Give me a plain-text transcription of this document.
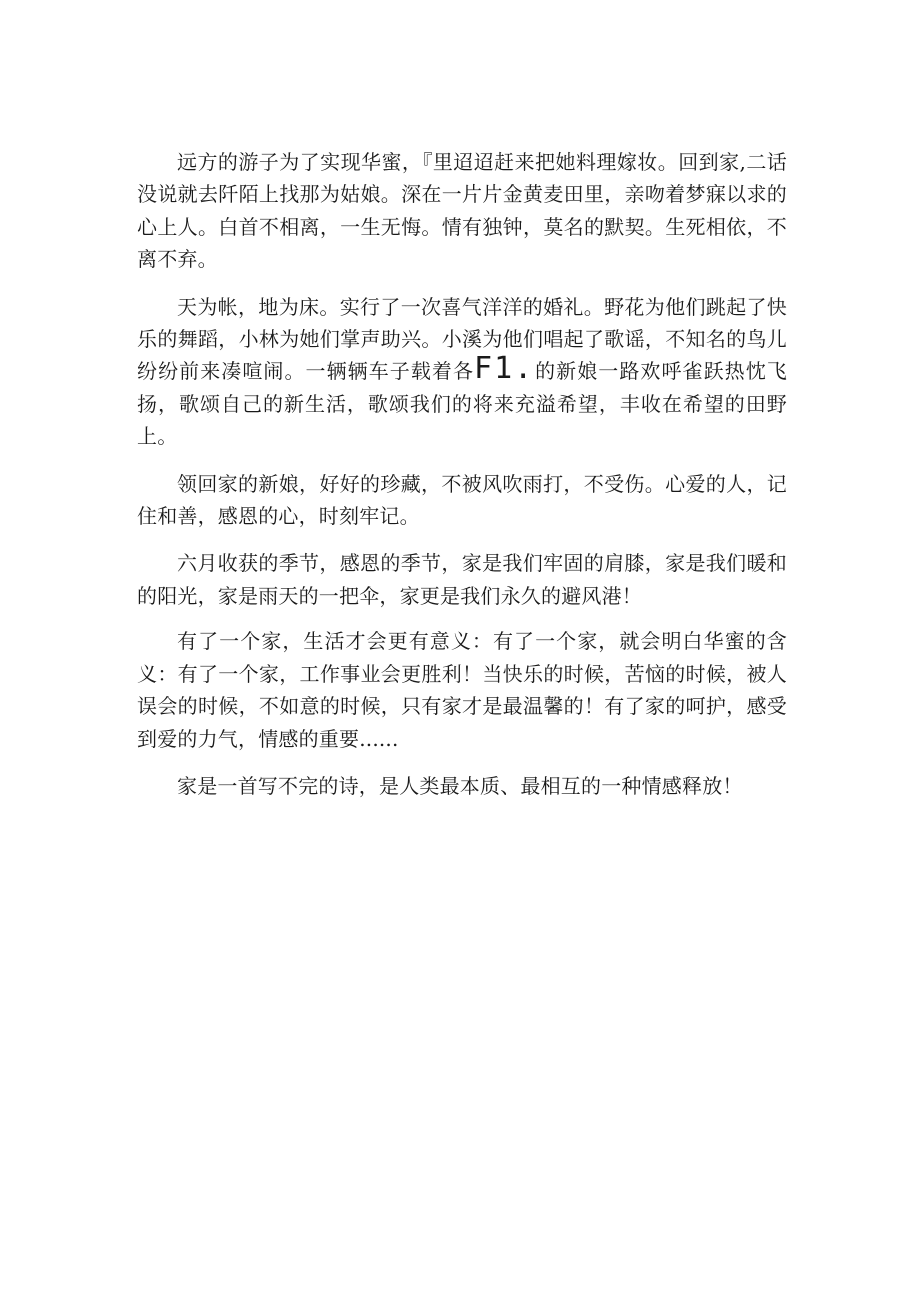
远方的游子为了实现华蜜，『里迢迢赶来把她料理嫁妆。回到家,二话没说就去阡陌上找那为姑娘。深在一片片金黄麦田里，亲吻着梦寐以求的心上人。白首不相离，一生无悔。情有独钟，莫名的默契。生死相依，不离不弃。

天为帐，地为床。实行了一次喜气洋洋的婚礼。野花为他们跳起了快乐的舞蹈，小林为她们掌声助兴。小溪为他们唱起了歌谣，不知名的鸟儿纷纷前来凑喧闹。一辆辆车子载着各F1.的新娘一路欢呼雀跃热忱飞扬，歌颂自己的新生活，歌颂我们的将来充溢希望，丰收在希望的田野上。

领回家的新娘，好好的珍藏，不被风吹雨打，不受伤。心爱的人，记住和善，感恩的心，时刻牢记。

六月收获的季节，感恩的季节，家是我们牢固的肩膝，家是我们暖和的阳光，家是雨天的一把伞，家更是我们永久的避风港！

有了一个家，生活才会更有意义：有了一个家，就会明白华蜜的含义：有了一个家，工作事业会更胜利！当快乐的时候，苦恼的时候，被人误会的时候，不如意的时候，只有家才是最温馨的！有了家的呵护，感受到爱的力气，情感的重要......

家是一首写不完的诗，是人类最本质、最相互的一种情感释放！
